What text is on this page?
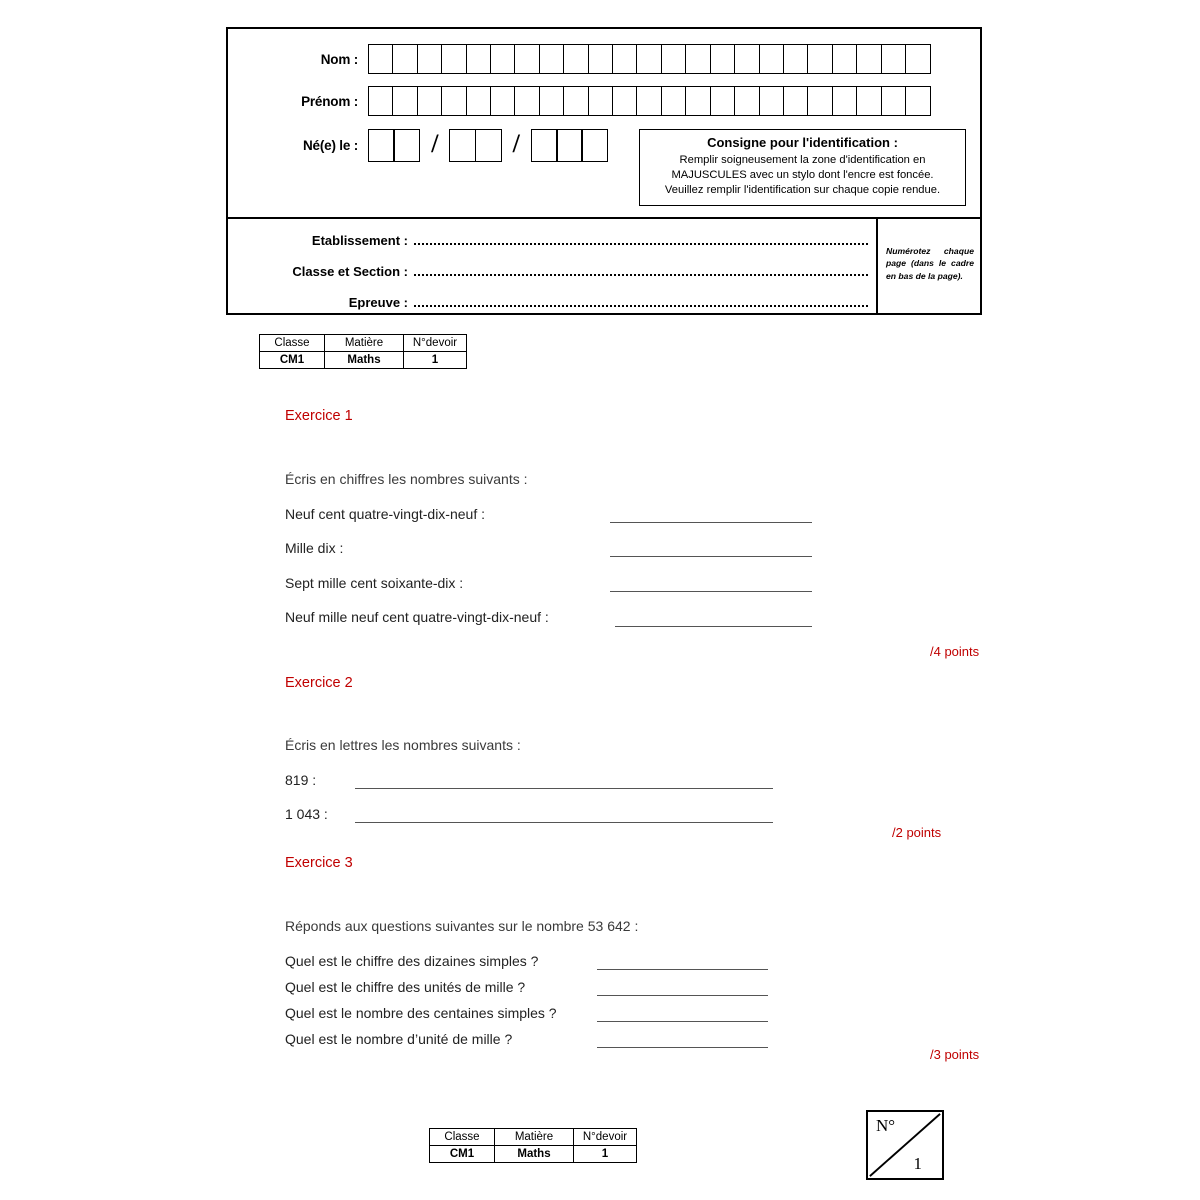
Nom :
Prénom :
Né(e) le :	/	/	Consigne pour l'identification :
Remplir soigneusement la zone d'identification en
MAJUSCULES avec un stylo dont l'encre est foncée.
Veuillez remplir l'identification sur chaque copie rendue.
Etablissement :
Classe et Section :
Epreuve :
Numérotez chaque page (dans le cadre en bas de la page).
Classe	Matière	N°devoir
CM1	Maths	1
Exercice 1
Écris en chiffres les nombres suivants :
Neuf cent quatre-vingt-dix-neuf :
Mille dix :
Sept mille cent soixante-dix :
Neuf mille neuf cent quatre-vingt-dix-neuf :
/4 points
Exercice 2
Écris en lettres les nombres suivants :
819 :
1 043 :
/2 points
Exercice 3
Réponds aux questions suivantes sur le nombre 53 642 :
Quel est le chiffre des dizaines simples ?
Quel est le chiffre des unités de mille ?
Quel est le nombre des centaines simples ?
Quel est le nombre d’unité de mille ?
/3 points
Classe	Matière	N°devoir
CM1	Maths	1
N°
1
